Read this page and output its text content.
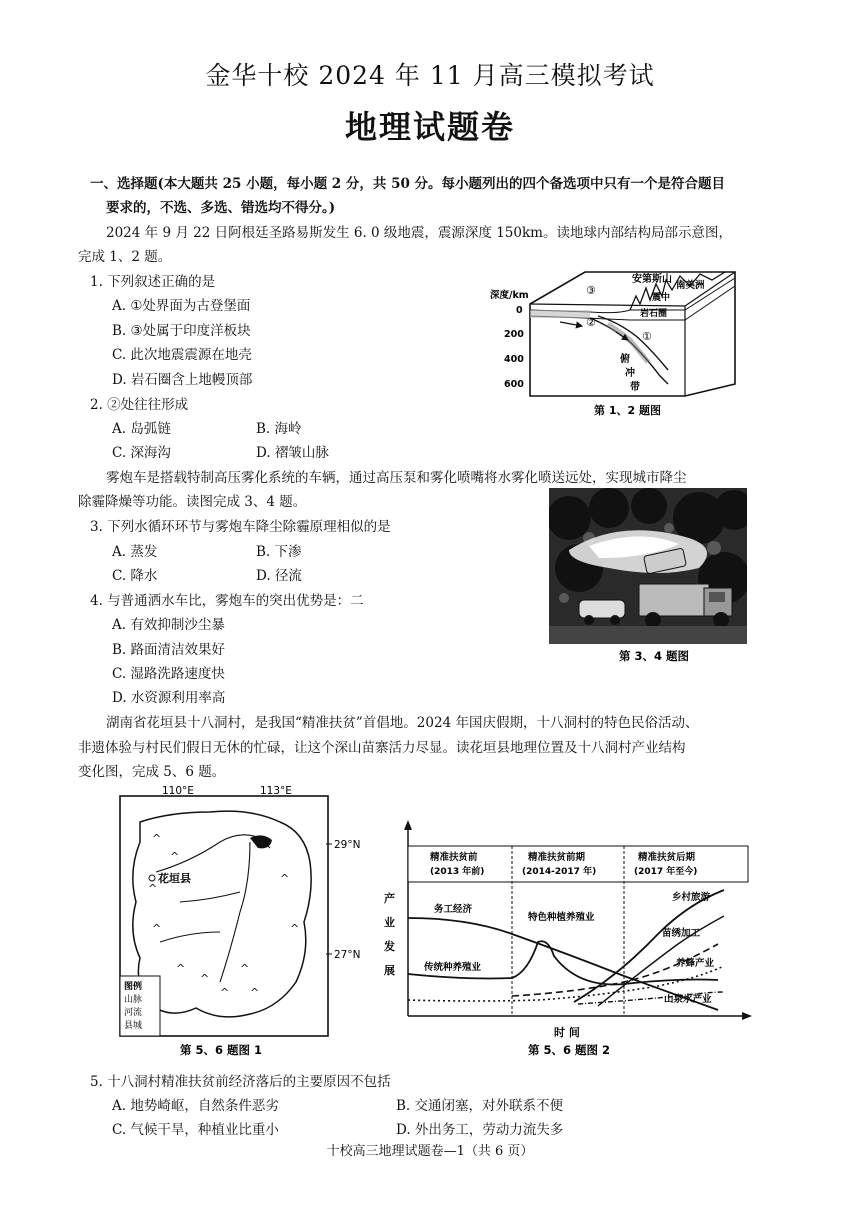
金华十校 2024 年 11 月高三模拟考试
地理试题卷
一、选择题(本大题共 25 小题，每小题 2 分，共 50 分。每小题列出的四个备选项中只有一个是符合题目
要求的，不选、多选、错选均不得分。)
2024 年 9 月 22 日阿根廷圣路易斯发生 6. 0 级地震，震源深度 150km。读地球内部结构局部示意图，
完成 1、2 题。
1. 下列叙述正确的是
A. ①处界面为古登堡面
B. ③处属于印度洋板块
C. 此次地震震源在地壳
D. 岩石圈含上地幔顶部
2. ②处往往形成
A. 岛弧链	B. 海岭
C. 深海沟	D. 褶皱山脉
安第斯山
南美洲
深度/km	震中
岩石圈
①
②
③
俯
冲
带
0
200
400
600
第 1、2 题图
雾炮车是搭载特制高压雾化系统的车辆，通过高压泵和雾化喷嘴将水雾化喷送远处，实现城市降尘
除霾降燥等功能。读图完成 3、4 题。
3. 下列水循环环节与雾炮车降尘除霾原理相似的是
A. 蒸发	B. 下渗
C. 降水	D. 径流
4. 与普通洒水车比，雾炮车的突出优势是：二
A. 有效抑制沙尘暴
B. 路面清洁效果好
C. 湿路洗路速度快
D. 水资源利用率高
第 3、4 题图
湖南省花垣县十八洞村，是我国“精准扶贫”首倡地。2024 年国庆假期，十八洞村的特色民俗活动、
非遗体验与村民们假日无休的忙碌，让这个深山苗寨活力尽显。读花垣县地理位置及十八洞村产业结构
变化图，完成 5、6 题。
110°E	113°E
29°N
27°N
^
^
^
^
^	^
^
^
^
^
^
花垣县
图例
山脉
河流
县城
第 5、6 题图 1
精准扶贫前
(2013 年前)
精准扶贫前期
(2014-2017 年)
精准扶贫后期
(2017 年至今)
产
业
发
展
务工经济
传统种养殖业
特色种植养殖业
乡村旅游
苗绣加工
养蜂产业
山泉水产业
时 间
第 5、6 题图 2
5. 十八洞村精准扶贫前经济落后的主要原因不包括
A. 地势崎岖，自然条件恶劣	B. 交通闭塞，对外联系不便
C. 气候干旱，种植业比重小	D. 外出务工，劳动力流失多
十校高三地理试题卷—1（共 6 页）
